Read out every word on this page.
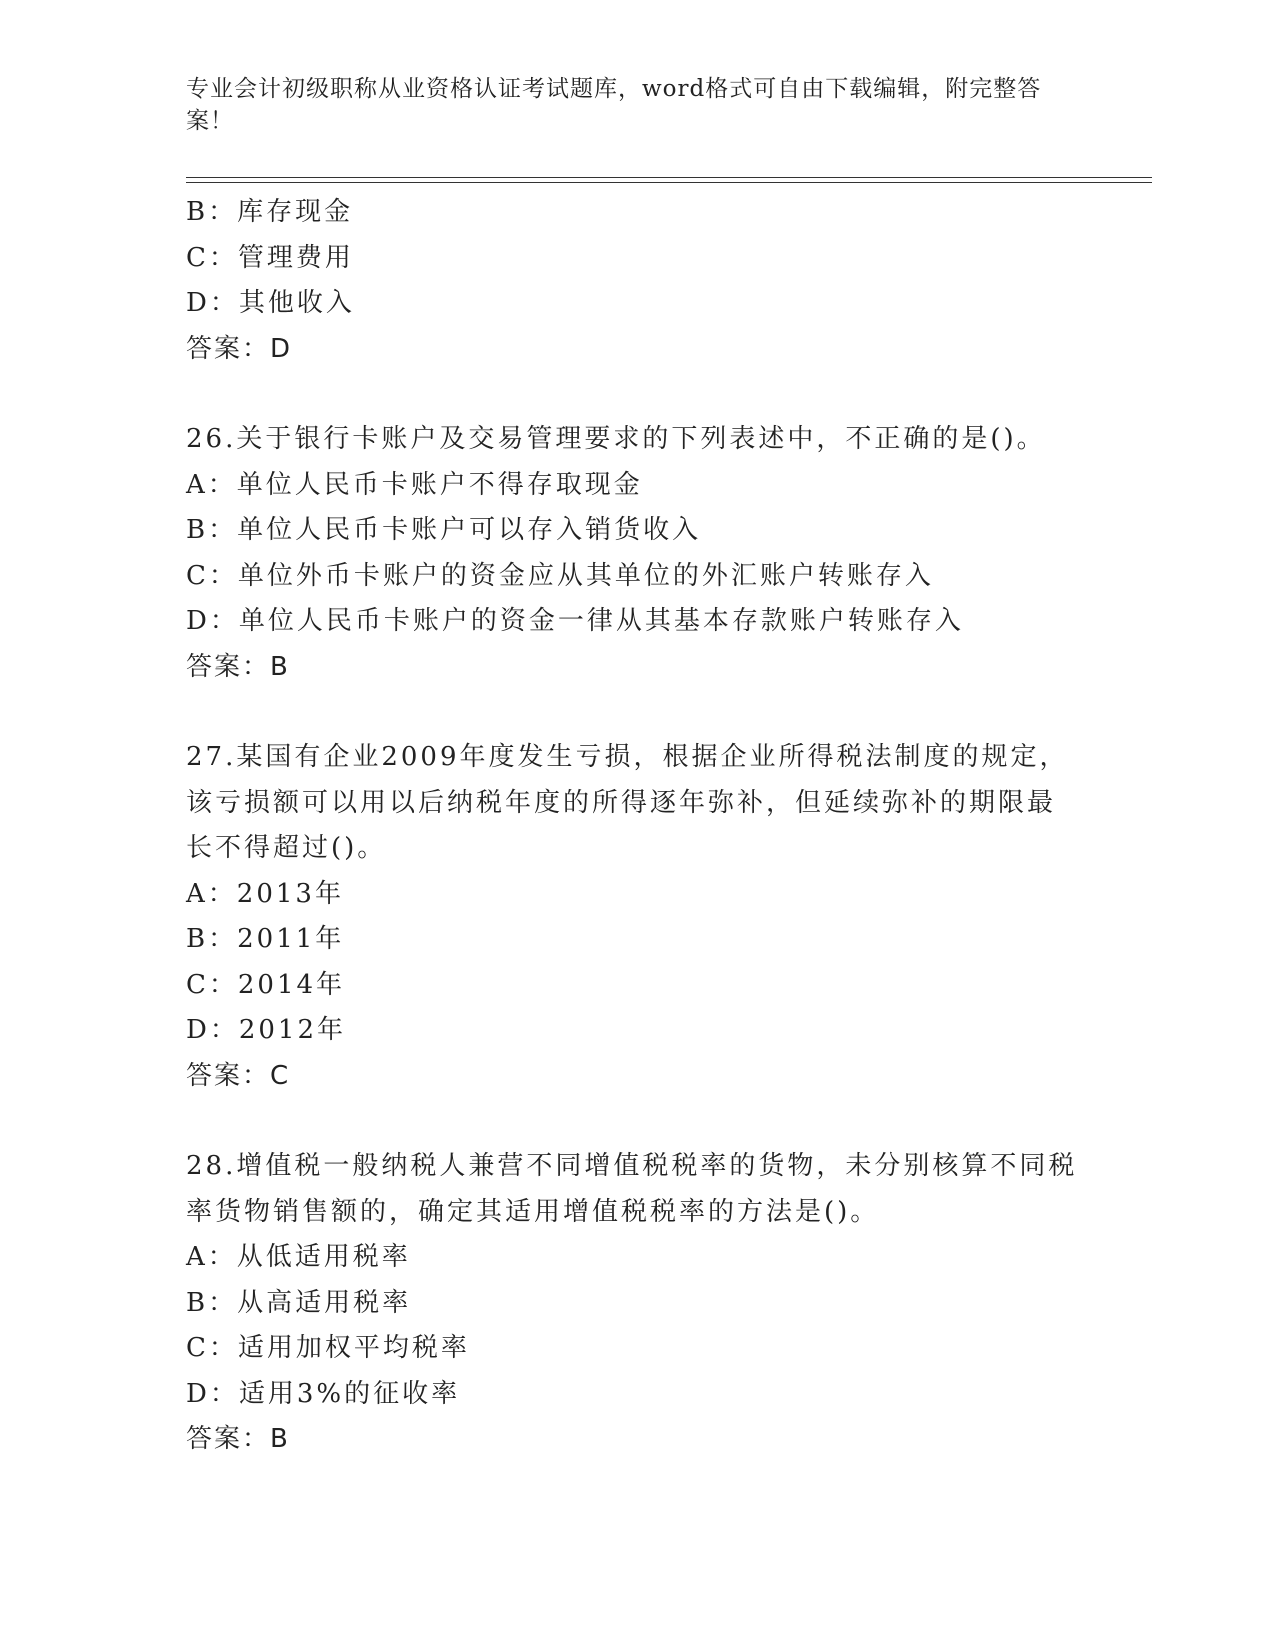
专业会计初级职称从业资格认证考试题库，word格式可自由下载编辑，附完整答案！
B：库存现金
C：管理费用
D：其他收入
答案：D
26.关于银行卡账户及交易管理要求的下列表述中，不正确的是()。
A：单位人民币卡账户不得存取现金
B：单位人民币卡账户可以存入销货收入
C：单位外币卡账户的资金应从其单位的外汇账户转账存入
D：单位人民币卡账户的资金一律从其基本存款账户转账存入
答案：B
27.某国有企业2009年度发生亏损，根据企业所得税法制度的规定，
该亏损额可以用以后纳税年度的所得逐年弥补，但延续弥补的期限最
长不得超过()。
A：2013年
B：2011年
C：2014年
D：2012年
答案：C
28.增值税一般纳税人兼营不同增值税税率的货物，未分别核算不同税
率货物销售额的，确定其适用增值税税率的方法是()。
A：从低适用税率
B：从高适用税率
C：适用加权平均税率
D：适用3%的征收率
答案：B
